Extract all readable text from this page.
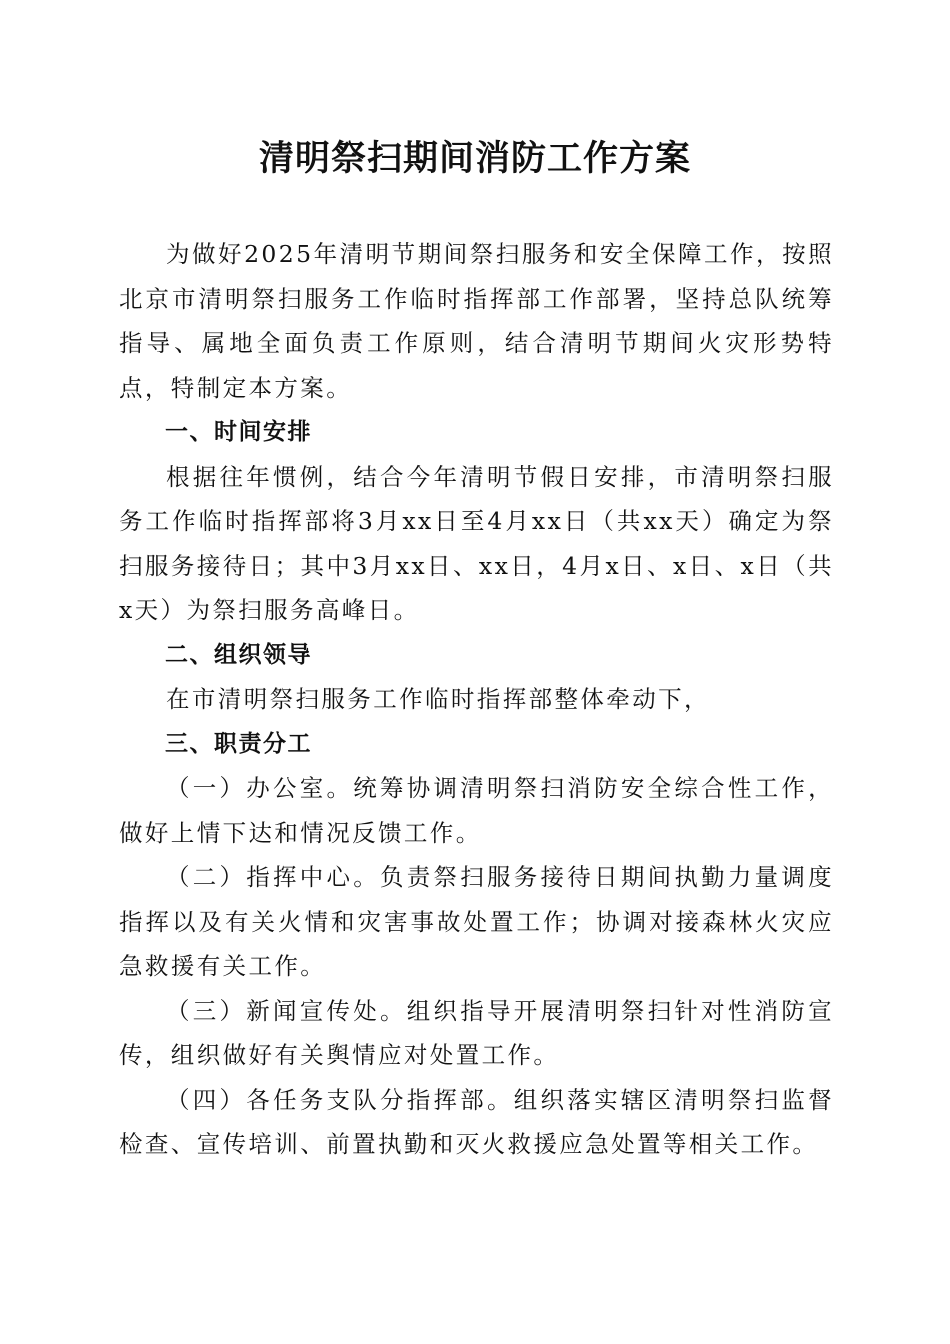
清明祭扫期间消防工作方案

为做好2025年清明节期间祭扫服务和安全保障工作，按照北京市清明祭扫服务工作临时指挥部工作部署，坚持总队统筹指导、属地全面负责工作原则，结合清明节期间火灾形势特点，特制定本方案。

一、时间安排

根据往年惯例，结合今年清明节假日安排，市清明祭扫服务工作临时指挥部将3月xx日至4月xx日（共xx天）确定为祭扫服务接待日；其中3月xx日、xx日，4月x日、x日、x日（共x天）为祭扫服务高峰日。

二、组织领导

在市清明祭扫服务工作临时指挥部整体牵动下，

三、职责分工

（一）办公室。统筹协调清明祭扫消防安全综合性工作，做好上情下达和情况反馈工作。

（二）指挥中心。负责祭扫服务接待日期间执勤力量调度指挥以及有关火情和灾害事故处置工作；协调对接森林火灾应急救援有关工作。

（三）新闻宣传处。组织指导开展清明祭扫针对性消防宣传，组织做好有关舆情应对处置工作。

（四）各任务支队分指挥部。组织落实辖区清明祭扫监督检查、宣传培训、前置执勤和灭火救援应急处置等相关工作。
